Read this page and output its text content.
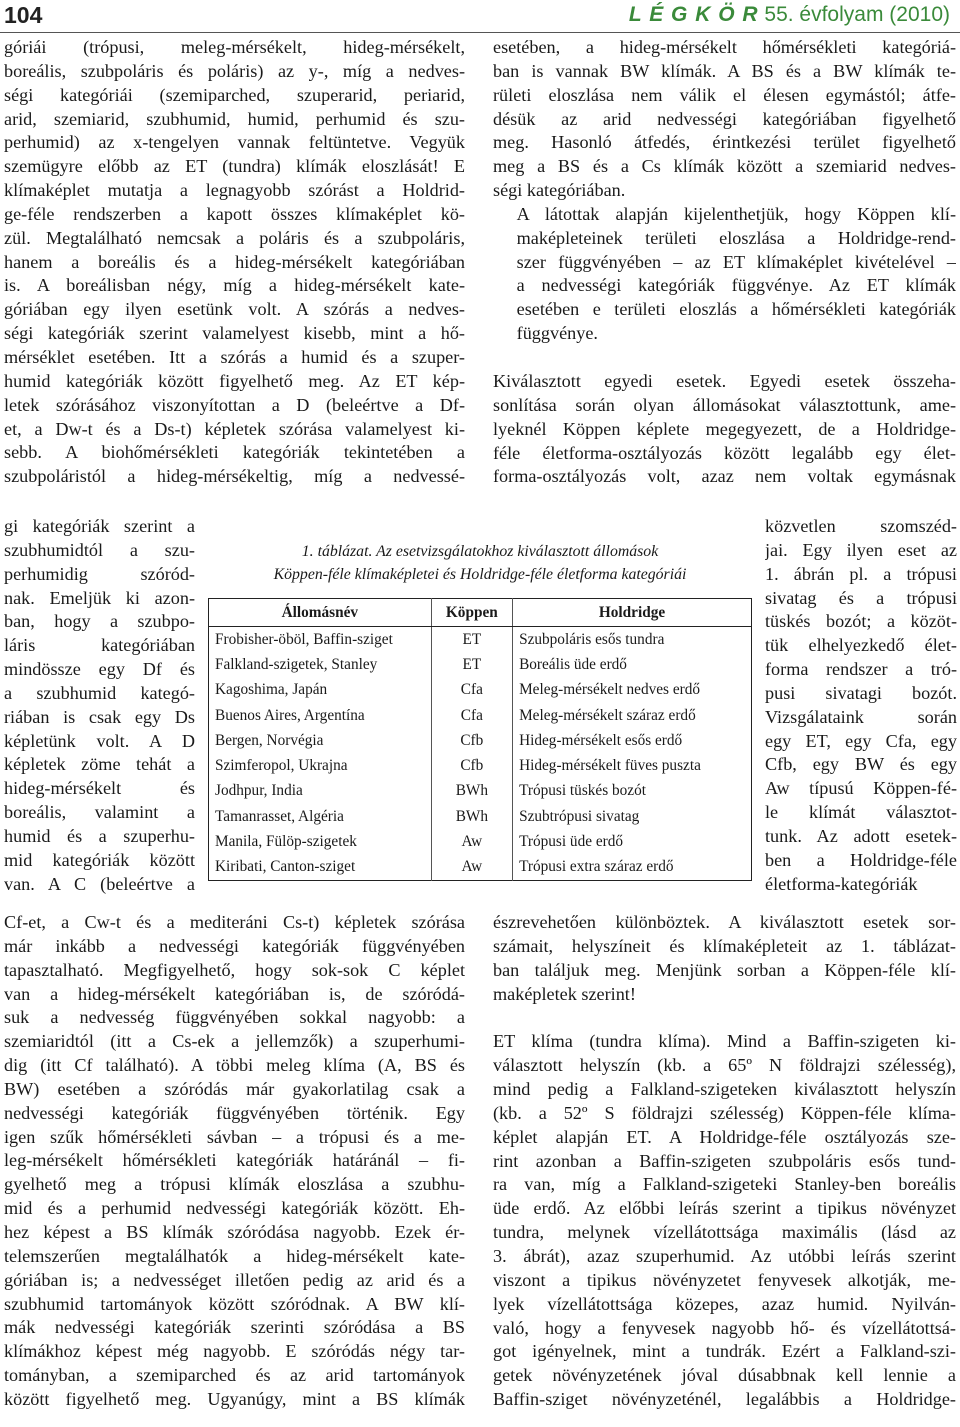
104	L É G K Ö R 55. évfolyam (2010)
góriái (trópusi, meleg-mérsékelt, hideg-mérsékelt,
boreális, szubpoláris és poláris) az y-, míg a nedves-
ségi kategóriái (szemiparched, szuperarid, periarid,
arid, szemiarid, szubhumid, humid, perhumid és szu-
perhumid) az x-tengelyen vannak feltüntetve. Vegyük
szemügyre előbb az ET (tundra) klímák eloszlását! E
klímaképlet mutatja a legnagyobb szórást a Holdrid-
ge-féle rendszerben a kapott összes klímaképlet kö-
zül. Megtalálható nemcsak a poláris és a szubpoláris,
hanem a boreális és a hideg-mérsékelt kategóriában
is. A boreálisban négy, míg a hideg-mérsékelt kate-
góriában egy ilyen esetünk volt. A szórás a nedves-
ségi kategóriák szerint valamelyest kisebb, mint a hő-
mérséklet esetében. Itt a szórás a humid és a szuper-
humid kategóriák között figyelhető meg. Az ET kép-
letek szórásához viszonyítottan a D (beleértve a Df-
et, a Dw-t és a Ds-t) képletek szórása valamelyest ki-
sebb. A biohőmérsékleti kategóriák tekintetében a
szubpoláristól a hideg-mérsékeltig, míg a nedvessé-
gi kategóriák szerint a
szubhumidtól a szu-
perhumidig szóród-
nak. Emeljük ki azon-
ban, hogy a szubpo-
láris kategóriában
mindössze egy Df és
a szubhumid kategó-
riában is csak egy Ds
képletünk volt. A D
képletek zöme tehát a
hideg-mérsékelt és
boreális, valamint a
humid és a szuperhu-
mid kategóriák között
van. A C (beleértve a
Cf-et, a Cw-t és a mediteráni Cs-t) képletek szórása
már inkább a nedvességi kategóriák függvényében
tapasztalható. Megfigyelhető, hogy sok-sok C képlet
van a hideg-mérsékelt kategóriában is, de szóródá-
suk a nedvesség függvényében sokkal nagyobb: a
szemiaridtól (itt a Cs-ek a jellemzők) a szuperhumi-
dig (itt Cf található). A többi meleg klíma (A, BS és
BW) esetében a szóródás már gyakorlatilag csak a
nedvességi kategóriák függvényében történik. Egy
igen szűk hőmérsékleti sávban – a trópusi és a me-
leg-mérsékelt hőmérsékleti kategóriák határánál – fi-
gyelhető meg a trópusi klímák eloszlása a szubhu-
mid és a perhumid nedvességi kategóriák között. Eh-
hez képest a BS klímák szóródása nagyobb. Ezek ér-
telemszerűen megtalálhatók a hideg-mérsékelt kate-
góriában is; a nedvességet illetően pedig az arid és a
szubhumid tartományok között szóródnak. A BW klí-
mák nedvességi kategóriák szerinti szóródása a BS
klímákhoz képest még nagyobb. E szóródás négy tar-
tományban, a szemiparched és az arid tartományok
között figyelhető meg. Ugyanúgy, mint a BS klímák
esetében, a hideg-mérsékelt hőmérsékleti kategóriá-
ban is vannak BW klímák. A BS és a BW klímák te-
rületi eloszlása nem válik el élesen egymástól; átfe-
désük az arid nedvességi kategóriában figyelhető
meg. Hasonló átfedés, érintkezési terület figyelhető
meg a BS és a Cs klímák között a szemiarid nedves-
ségi kategóriában.
A látottak alapján kijelenthetjük, hogy Köppen klí-
maképleteinek területi eloszlása a Holdridge-rend-
szer függvényében – az ET klímaképlet kivételével –
a nedvességi kategóriák függvénye. Az ET klímák
esetében e területi eloszlás a hőmérsékleti kategóriák
függvénye.
Kiválasztott egyedi esetek. Egyedi esetek összeha-
sonlítása során olyan állomásokat választottunk, ame-
lyeknél Köppen képlete megegyezett, de a Holdridge-
féle életforma-osztályozás között legalább egy élet-
forma-osztályozás volt, azaz nem voltak egymásnak
közvetlen szomszéd-
jai. Egy ilyen eset az
1. ábrán pl. a trópusi
sivatag és a trópusi
tüskés bozót; a közöt-
tük elhelyezkedő élet-
forma rendszer a tró-
pusi sivatagi bozót.
Vizsgálataink során
egy ET, egy Cfa, egy
Cfb, egy BW és egy
Aw típusú Köppen-fé-
le klímát választot-
tunk. Az adott esetek-
ben a Holdridge-féle
életforma-kategóriák
észrevehetően különböztek. A kiválasztott esetek sor-
számait, helyszíneit és klímaképleteit az 1. táblázat-
ban találjuk meg. Menjünk sorban a Köppen-féle klí-
maképletek szerint!
ET klíma (tundra klíma). Mind a Baffin-szigeten ki-
választott helyszín (kb. a 65º N földrajzi szélesség),
mind pedig a Falkland-szigeteken kiválasztott helyszín
(kb. a 52º S földrajzi szélesség) Köppen-féle klíma-
képlet alapján ET. A Holdridge-féle osztályozás sze-
rint azonban a Baffin-szigeten szubpoláris esős tund-
ra van, míg a Falkland-szigeteki Stanley-ben boreális
üde erdő. Az előbbi leírás szerint a tipikus növényzet
tundra, melynek vízellátottsága maximális (lásd az
3. ábrát), azaz szuperhumid. Az utóbbi leírás szerint
viszont a tipikus növényzetet fenyvesek alkotják, me-
lyek vízellátottsága közepes, azaz humid. Nyilván-
való, hogy a fenyvesek nagyobb hő- és vízellátottsá-
got igényelnek, mint a tundrák. Ezért a Falkland-szi-
getek növényzetének jóval dúsabbnak kell lennie a
Baffin-sziget növényzeténél, legalábbis a Holdridge-
1. táblázat. Az esetvizsgálatokhoz kiválasztott állomások
Köppen-féle klímaképletei és Holdridge-féle életforma kategóriái
Állomásnév	Köppen	Holdridge
Frobisher-öböl, Baffin-sziget	ET	Szubpoláris esős tundra
Falkland-szigetek, Stanley	ET	Boreális üde erdő
Kagoshima, Japán	Cfa	Meleg-mérsékelt nedves erdő
Buenos Aires, Argentína	Cfa	Meleg-mérsékelt száraz erdő
Bergen, Norvégia	Cfb	Hideg-mérsékelt esős erdő
Szimferopol, Ukrajna	Cfb	Hideg-mérsékelt füves puszta
Jodhpur, India	BWh	Trópusi tüskés bozót
Tamanrasset, Algéria	BWh	Szubtrópusi sivatag
Manila, Fülöp-szigetek	Aw	Trópusi üde erdő
Kiribati, Canton-sziget	Aw	Trópusi extra száraz erdő
